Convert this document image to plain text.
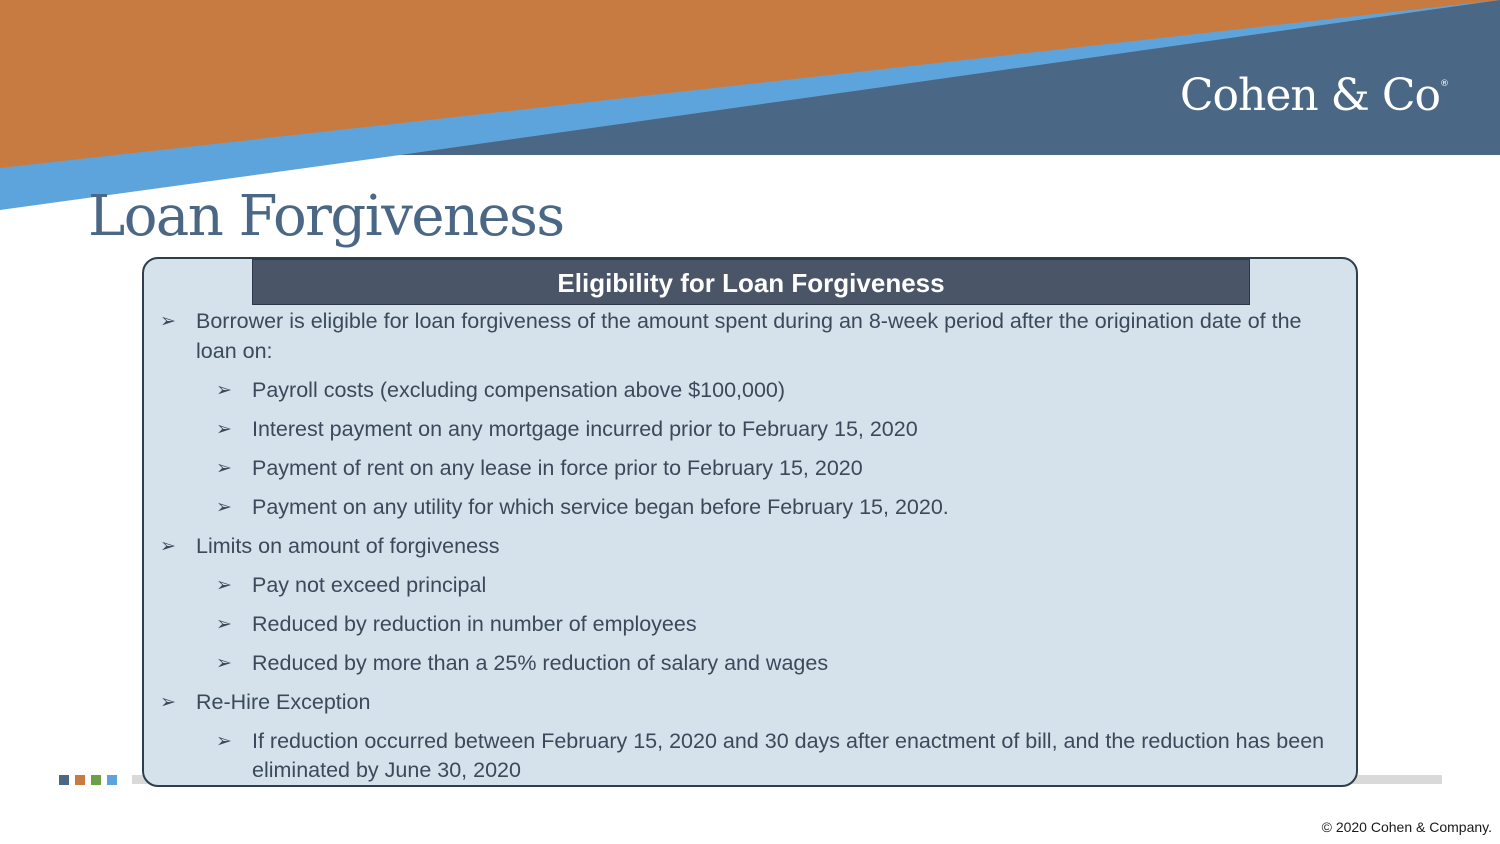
Cohen & Co®
Loan Forgiveness
Eligibility for Loan Forgiveness
➢ Borrower is eligible for loan forgiveness of the amount spent during an 8-week period after the origination date of the loan on:
➢ Payroll costs (excluding compensation above $100,000)
➢ Interest payment on any mortgage incurred prior to February 15, 2020
➢ Payment of rent on any lease in force prior to February 15, 2020
➢ Payment on any utility for which service began before February 15, 2020.
➢ Limits on amount of forgiveness
➢ Pay not exceed principal
➢ Reduced by reduction in number of employees
➢ Reduced by more than a 25% reduction of salary and wages
➢ Re-Hire Exception
➢ If reduction occurred between February 15, 2020 and 30 days after enactment of bill, and the reduction has been eliminated by June 30, 2020
© 2020 Cohen & Company.
